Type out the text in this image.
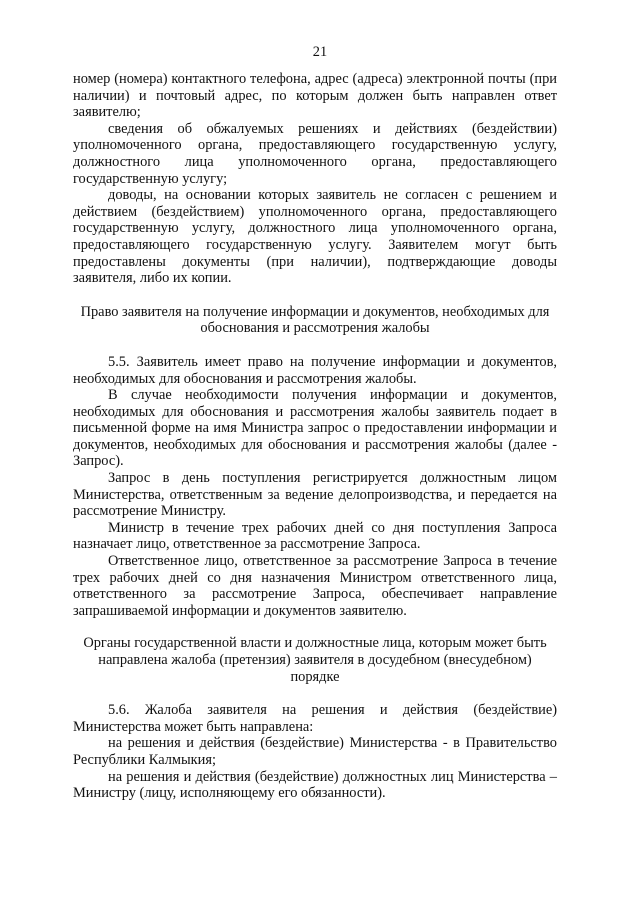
21

номер (номера) контактного телефона, адрес (адреса) электронной почты (при наличии) и почтовый адрес, по которым должен быть направлен ответ заявителю;

сведения об обжалуемых решениях и действиях (бездействии) уполномоченного органа, предоставляющего государственную услугу, должностного лица уполномоченного органа, предоставляющего государственную услугу;

доводы, на основании которых заявитель не согласен с решением и действием (бездействием) уполномоченного органа, предоставляющего государственную услугу, должностного лица уполномоченного органа, предоставляющего государственную услугу. Заявителем могут быть предоставлены документы (при наличии), подтверждающие доводы заявителя, либо их копии.

Право заявителя на получение информации и документов, необходимых для обоснования и рассмотрения жалобы

5.5. Заявитель имеет право на получение информации и документов, необходимых для обоснования и рассмотрения жалобы.

В случае необходимости получения информации и документов, необходимых для обоснования и рассмотрения жалобы заявитель подает в письменной форме на имя Министра запрос о предоставлении информации и документов, необходимых для обоснования и рассмотрения жалобы (далее - Запрос).

Запрос в день поступления регистрируется должностным лицом Министерства, ответственным за ведение делопроизводства, и передается на рассмотрение Министру.

Министр в течение трех рабочих дней со дня поступления Запроса назначает лицо, ответственное за рассмотрение Запроса.

Ответственное лицо, ответственное за рассмотрение Запроса в течение трех рабочих дней со дня назначения Министром ответственного лица, ответственного за рассмотрение Запроса, обеспечивает направление запрашиваемой информации и документов заявителю.

Органы государственной власти и должностные лица, которым может быть направлена жалоба (претензия) заявителя в досудебном (внесудебном) порядке

5.6. Жалоба заявителя на решения и действия (бездействие) Министерства может быть направлена:

на решения и действия (бездействие) Министерства - в Правительство Республики Калмыкия;

на решения и действия (бездействие) должностных лиц Министерства – Министру (лицу, исполняющему его обязанности).
